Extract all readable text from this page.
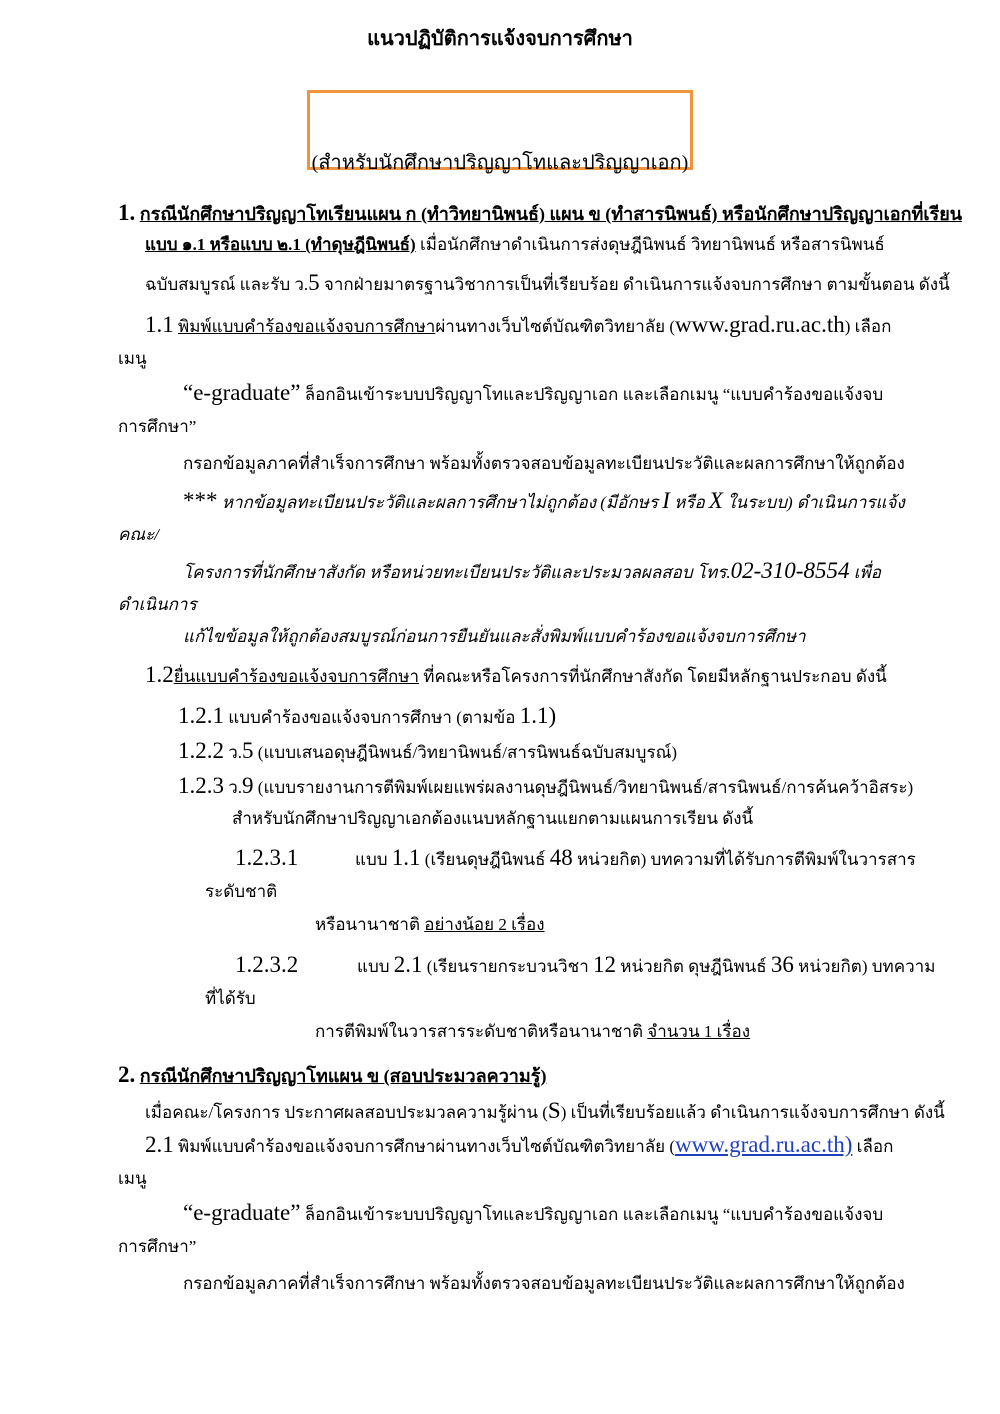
แนวปฏิบัติการแจ้งจบการศึกษา
(สำหรับนักศึกษาปริญญาโทและปริญญาเอก)
1. กรณีนักศึกษาปริญญาโทเรียนแผน ก (ทำวิทยานิพนธ์) แผน ข (ทำสารนิพนธ์) หรือนักศึกษาปริญญาเอกที่เรียน
แบบ ๑.1 หรือแบบ ๒.1 (ทำดุษฎีนิพนธ์) เมื่อนักศึกษาดำเนินการส่งดุษฎีนิพนธ์ วิทยานิพนธ์ หรือสารนิพนธ์
ฉบับสมบูรณ์ และรับ ว.5 จากฝ่ายมาตรฐานวิชาการเป็นที่เรียบร้อย ดำเนินการแจ้งจบการศึกษา ตามขั้นตอน ดังนี้
1.1 พิมพ์แบบคำร้องขอแจ้งจบการศึกษาผ่านทางเว็บไซต์บัณฑิตวิทยาลัย (www.grad.ru.ac.th) เลือก
เมนู
“e-graduate” ล็อกอินเข้าระบบปริญญาโทและปริญญาเอก และเลือกเมนู “แบบคำร้องขอแจ้งจบ
การศึกษา”
กรอกข้อมูลภาคที่สำเร็จการศึกษา พร้อมทั้งตรวจสอบข้อมูลทะเบียนประวัติและผลการศึกษาให้ถูกต้อง
*** หากข้อมูลทะเบียนประวัติและผลการศึกษาไม่ถูกต้อง (มีอักษร I หรือ X ในระบบ) ดำเนินการแจ้ง
คณะ/
โครงการที่นักศึกษาสังกัด หรือหน่วยทะเบียนประวัติและประมวลผลสอบ โทร.02-310-8554 เพื่อ
ดำเนินการ
แก้ไขข้อมูลให้ถูกต้องสมบูรณ์ก่อนการยืนยันและสั่งพิมพ์แบบคำร้องขอแจ้งจบการศึกษา
1.2ยื่นแบบคำร้องขอแจ้งจบการศึกษา ที่คณะหรือโครงการที่นักศึกษาสังกัด โดยมีหลักฐานประกอบ ดังนี้
1.2.1 แบบคำร้องขอแจ้งจบการศึกษา (ตามข้อ 1.1)
1.2.2 ว.5 (แบบเสนอดุษฎีนิพนธ์/วิทยานิพนธ์/สารนิพนธ์ฉบับสมบูรณ์)
1.2.3 ว.9 (แบบรายงานการตีพิมพ์เผยแพร่ผลงานดุษฎีนิพนธ์/วิทยานิพนธ์/สารนิพนธ์/การค้นคว้าอิสระ)
สำหรับนักศึกษาปริญญาเอกต้องแนบหลักฐานแยกตามแผนการเรียน ดังนี้
1.2.3.1	แบบ 1.1 (เรียนดุษฎีนิพนธ์ 48 หน่วยกิต) บทความที่ได้รับการตีพิมพ์ในวารสาร
ระดับชาติ
หรือนานาชาติ อย่างน้อย 2 เรื่อง
1.2.3.2	แบบ 2.1 (เรียนรายกระบวนวิชา 12 หน่วยกิต ดุษฎีนิพนธ์ 36 หน่วยกิต) บทความ
ที่ได้รับ
การตีพิมพ์ในวารสารระดับชาติหรือนานาชาติ จำนวน 1 เรื่อง
2. กรณีนักศึกษาปริญญาโทแผน ข (สอบประมวลความรู้)
เมื่อคณะ/โครงการ ประกาศผลสอบประมวลความรู้ผ่าน (S) เป็นที่เรียบร้อยแล้ว ดำเนินการแจ้งจบการศึกษา ดังนี้
2.1 พิมพ์แบบคำร้องขอแจ้งจบการศึกษาผ่านทางเว็บไซต์บัณฑิตวิทยาลัย (www.grad.ru.ac.th) เลือก
เมนู
“e-graduate” ล็อกอินเข้าระบบปริญญาโทและปริญญาเอก และเลือกเมนู “แบบคำร้องขอแจ้งจบ
การศึกษา”
กรอกข้อมูลภาคที่สำเร็จการศึกษา พร้อมทั้งตรวจสอบข้อมูลทะเบียนประวัติและผลการศึกษาให้ถูกต้อง
